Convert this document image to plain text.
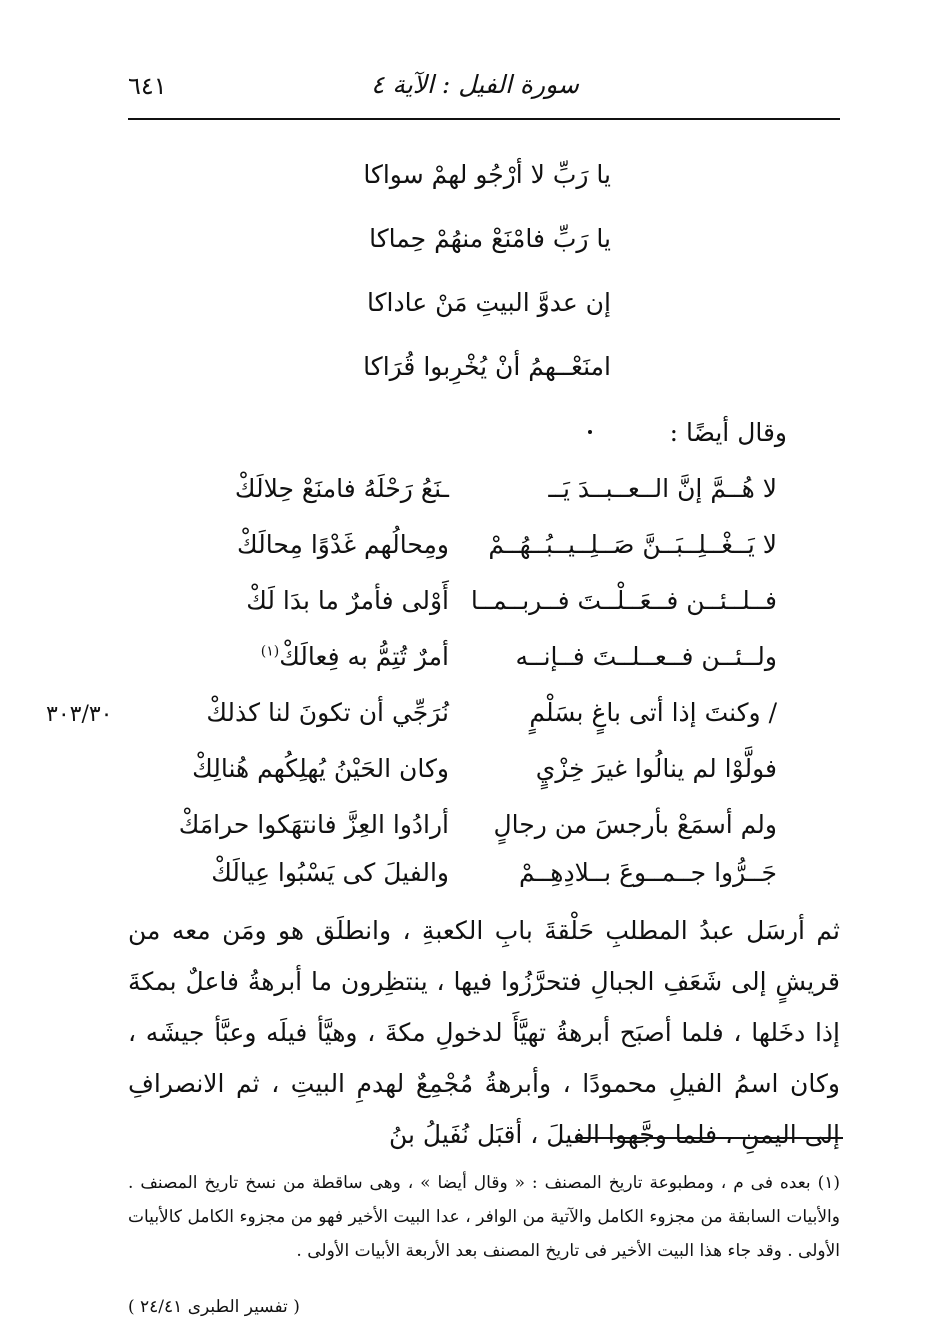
٦٤١	سورة الفيل : الآية ٤
يا رَبِّ لا أرْجُو لهمْ سواكا
يا رَبِّ فامْنَعْ منهُمْ حِماكا
إن عدوَّ البيتِ مَنْ عاداكا
امنَعْــهمُ أنْ يُخْرِبوا قُرَاكا
وقال أيضًا :
لا هُــمَّ إنَّ الــعــبــدَ يَــ
ـنَعُ رَحْلَهُ فامنَعْ حِلالَكْ
لا يَــغْــلِــبَــنَّ صَــلِــيــبُــهُــمْ
ومِحالُهم غَدْوًا مِحالَكْ
فــلــئــن فــعَــلْــتَ فــربــمــا
أَوْلى فأمرٌ ما بدَا لَكْ
ولــئــن فــعــلــتَ فــإنــه
أمرٌ تُتِمُّ به فِعالَكْ$^{(١)}$
/ وكنتَ إذا أتى باغٍ بسَلْمٍ
نُرَجِّي أن تكونَ لنا كذلكْ
فولَّوْا لم ينالُوا غيرَ خِزْيٍ
وكان الحَيْنُ يُهلِكُهم هُنالِكْ
ولم أسمَعْ بأرجسَ من رجالٍ
أرادُوا العِزَّ فانتهَكوا حرامَكْ
جَــرُّوا جــمــوعَ بــلادِهِــمْ
والفيلَ كى يَسْبُوا عِيالَكْ
٣٠٣/٣٠
ثم أرسَل عبدُ المطلبِ حَلْقةَ بابِ الكعبةِ ، وانطلَق هو ومَن معه من قريشٍ إلى شَعَفِ الجبالِ فتحرَّزُوا فيها ، ينتظِرون ما أبرهةُ فاعلٌ بمكةَ إذا دخَلها ، فلما أصبَح أبرهةُ تهيَّأَ لدخولِ مكةَ ، وهيَّأ فيلَه وعبَّأ جيشَه ، وكان اسمُ الفيلِ محمودًا ، وأبرهةُ مُجْمِعٌ لهدمِ البيتِ ، ثم الانصرافِ إلى اليمنِ ، فلما وجَّهوا الفيلَ ، أقبَل نُفَيلُ بنُ
(١) بعده فى م ، ومطبوعة تاريخ المصنف : « وقال أيضا » ، وهى ساقطة من نسخ تاريخ المصنف . والأبيات السابقة من مجزوء الكامل والآتية من الوافر ، عدا البيت الأخير فهو من مجزوء الكامل كالأبيات الأولى . وقد جاء هذا البيت الأخير فى تاريخ المصنف بعد الأربعة الأبيات الأولى .
( تفسير الطبرى ٢٤/٤١ )
